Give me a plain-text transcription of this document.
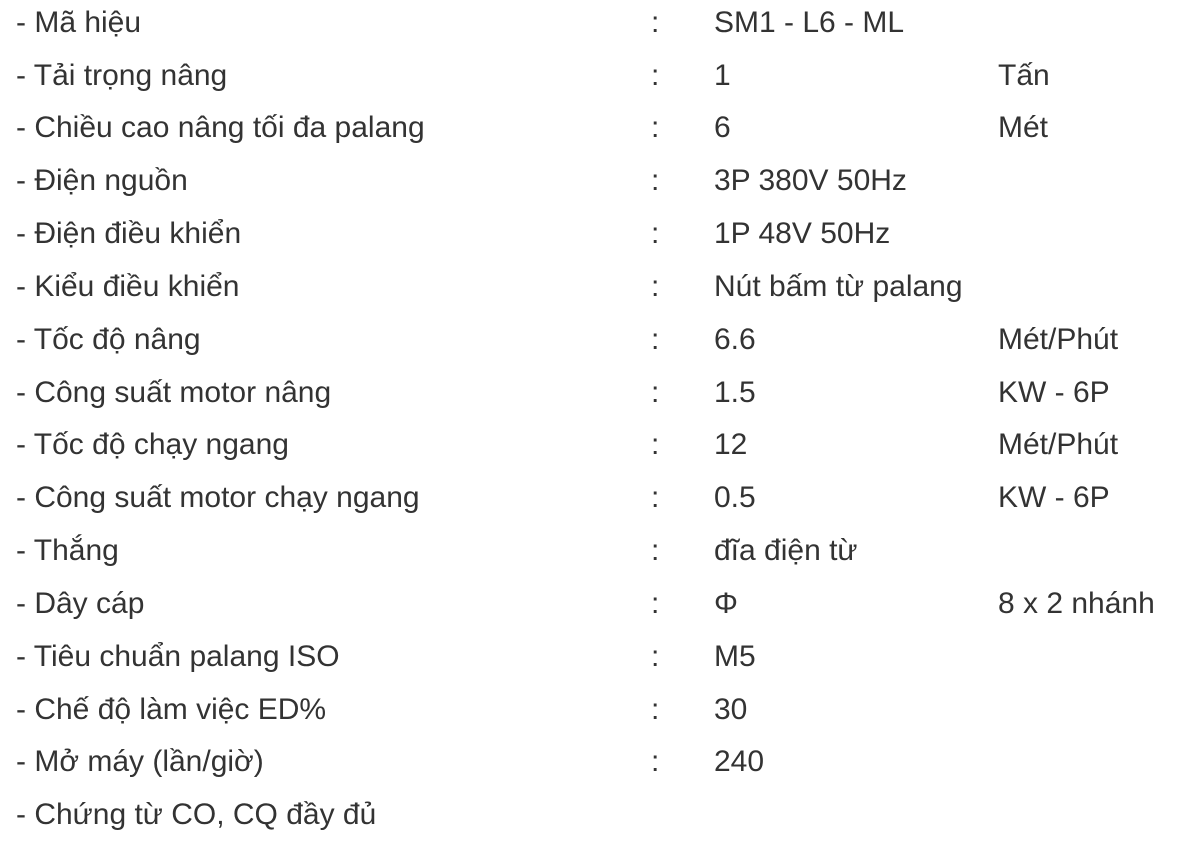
- Mã hiệu	: SM1 - L6 - ML
- Tải trọng nâng	: 1	Tấn
- Chiều cao nâng tối đa palang	: 6	Mét
- Điện nguồn	: 3P 380V 50Hz
- Điện điều khiển	: 1P 48V 50Hz
- Kiểu điều khiển	: Nút bấm từ palang
- Tốc độ nâng	: 6.6	Mét/Phút
- Công suất motor nâng	: 1.5	KW - 6P
- Tốc độ chạy ngang	: 12	Mét/Phút
- Công suất motor chạy ngang	: 0.5	KW - 6P
- Thắng	: đĩa điện từ
- Dây cáp	: Φ	8 x 2 nhánh
- Tiêu chuẩn palang ISO	: M5
- Chế độ làm việc ED%	: 30
- Mở máy (lần/giờ)	: 240
- Chứng từ CO, CQ đầy đủ
